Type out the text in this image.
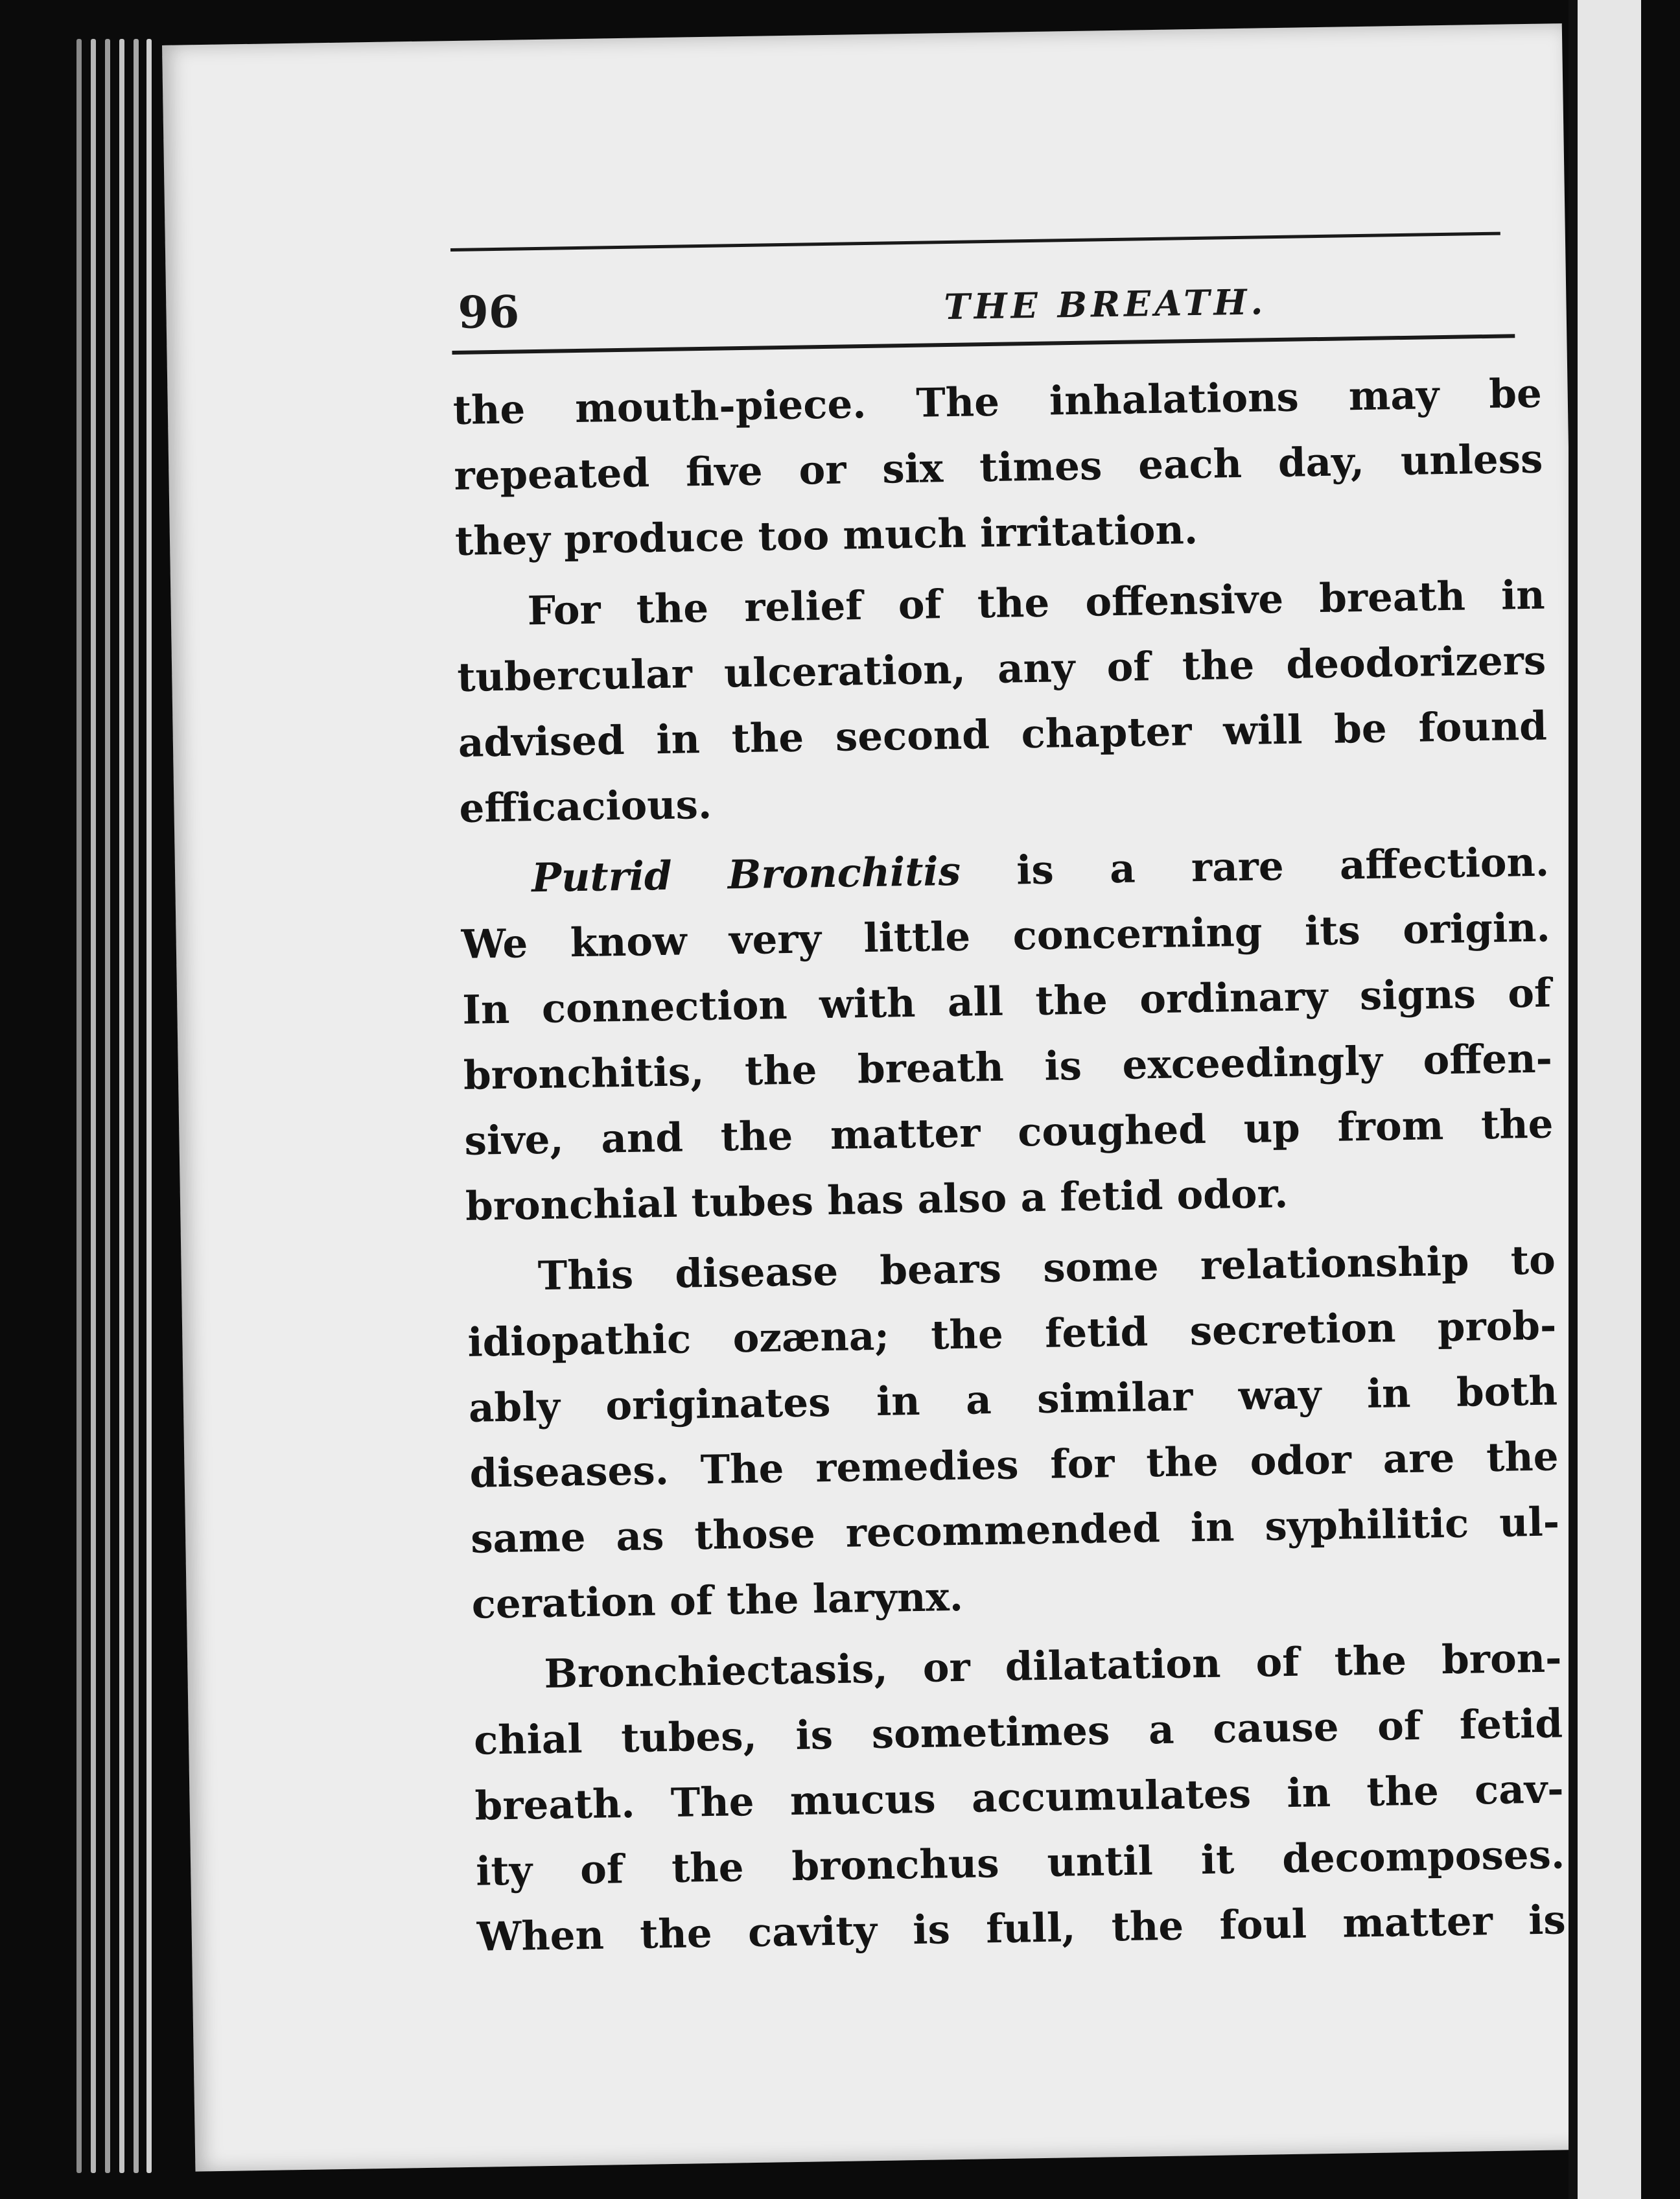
96	THE BREATH.
the mouth-piece. The inhalations may be
repeated five or six times each day, unless
they produce too much irritation.
For the relief of the offensive breath in
tubercular ulceration, any of the deodorizers
advised in the second chapter will be found
efficacious.
Putrid Bronchitis is a rare affection.
We know very little concerning its origin.
In connection with all the ordinary signs of
bronchitis, the breath is exceedingly offen-
sive, and the matter coughed up from the
bronchial tubes has also a fetid odor.
This disease bears some relationship to
idiopathic ozæna; the fetid secretion prob-
ably originates in a similar way in both
diseases. The remedies for the odor are the
same as those recommended in syphilitic ul-
ceration of the larynx.
Bronchiectasis, or dilatation of the bron-
chial tubes, is sometimes a cause of fetid
breath. The mucus accumulates in the cav-
ity of the bronchus until it decomposes.
When the cavity is full, the foul matter is
